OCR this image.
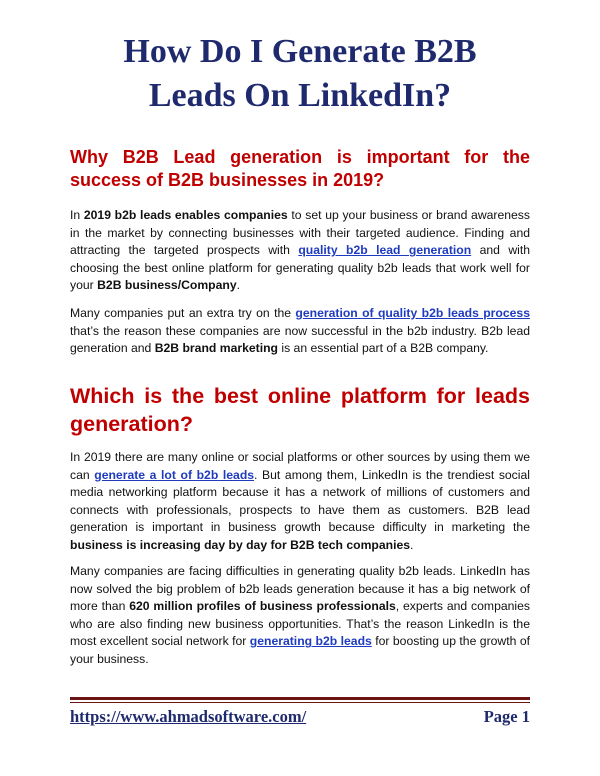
How Do I Generate B2B
Leads On LinkedIn?
Why B2B Lead generation is important for the success of B2B businesses in 2019?

In 2019 b2b leads enables companies to set up your business or brand awareness in the market by connecting businesses with their targeted audience. Finding and attracting the targeted prospects with quality b2b lead generation and with choosing the best online platform for generating quality b2b leads that work well for your B2B business/Company.

Many companies put an extra try on the generation of quality b2b leads process that’s the reason these companies are now successful in the b2b industry. B2b lead generation and B2B brand marketing is an essential part of a B2B company.

Which is the best online platform for leads generation?

In 2019 there are many online or social platforms or other sources by using them we can generate a lot of b2b leads. But among them, LinkedIn is the trendiest social media networking platform because it has a network of millions of customers and connects with professionals, prospects to have them as customers. B2B lead generation is important in business growth because difficulty in marketing the business is increasing day by day for B2B tech companies.

Many companies are facing difficulties in generating quality b2b leads. LinkedIn has now solved the big problem of b2b leads generation because it has a big network of more than 620 million profiles of business professionals, experts and companies who are also finding new business opportunities. That’s the reason LinkedIn is the most excellent social network for generating b2b leads for boosting up the growth of your business.

https://www.ahmadsoftware.com/	Page 1
